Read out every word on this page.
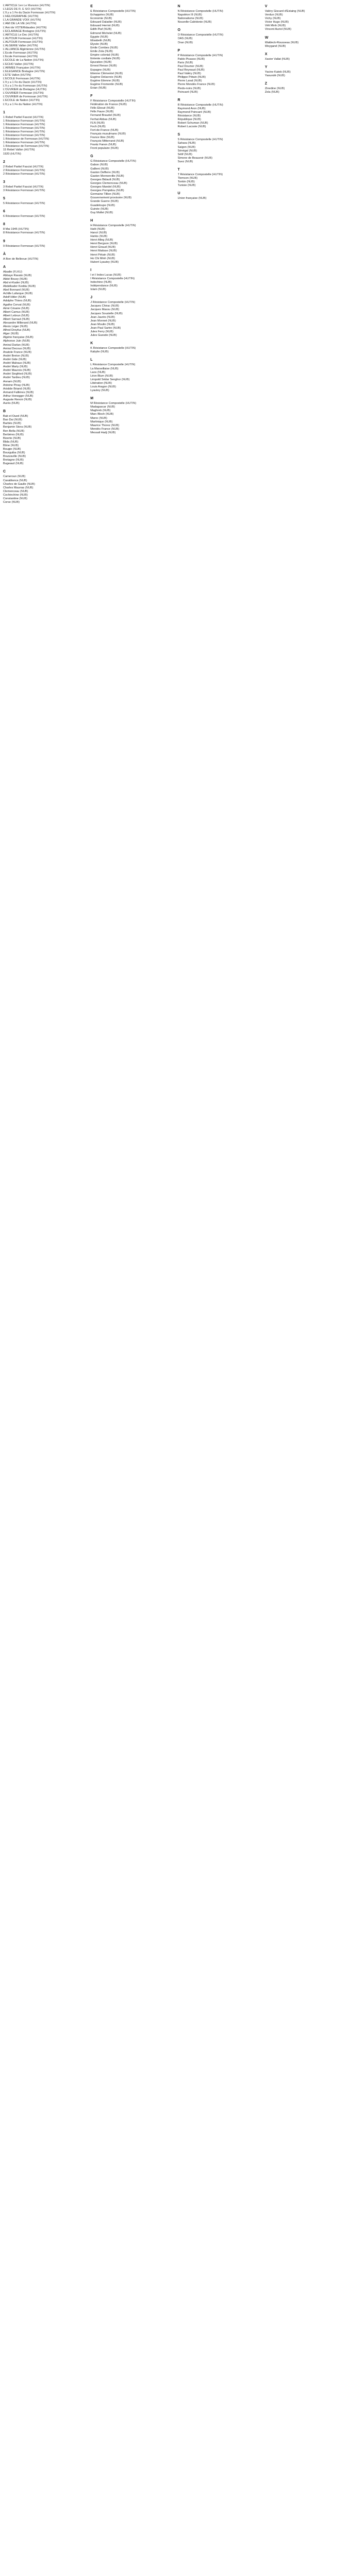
L'ARTICLE 1en Le Mansion (HUTIN)
L'LEGS DE R. E SIO (HUTIN)
L'Il y a 1 Fe du Dacin Formosan (HUTIN)
L'HELIOGRAPHIE (HUTIN)
L'LA GRANDE VOIX (HUTIN)
L'AMI DE LA VIE (HUTIN)
L'Ami de VOTERidaudes (HUTIN)
L'ÉCLAIRAGE Bretagne (HUTIN)
L'ARTICLE Le Dec (HUTIN)
L'AUTOUR Formosan (HUTIN)
L'AUTOUR Formosan (HUTIN)
L'ALGÉRIE Vallon (HUTIN)
L'ALLIANCE Algérienne (HUTIN)
L'Ecole Formosan (HUTIN)
L'Ecole Formosan (HUTIN)
L'ÉCOLE de La Nation (HUTIN)
L'ÉCHO Vallon (HUTIN)
L'ARMÉE Française (HUTIN)
L'ÉLÉGANCE Bretagne (HUTIN)
L'ÉTÉ Vallon (HUTIN)
L'ÉCOLE Formosan (HUTIN)
L'Il y a 1 Fe du Dacin (HUTIN)
L'Il y a 1 Fe du Formosan (HUTIN)
L'OUVRIER de Bretagne (HUTIN)
L'OUVRIER Formosan (HUTIN)
L'OUVRIER de Formosan (HUTIN)
L'ÉCOLE de Nation (HUTIN)
L'Il y a 1 Fe du Nation (HUTIN)
1
1 Rebel Partiel Fascist (HUTIN)
1 Résistance Formosan (HUTIN)
1 Résistance Formosan (HUTIN)
1 Résistance Formosan (HUTIN)
1 Résistance Formosan (HUTIN)
1 Résistance Formosan (HUTIN)
1 Résistance de Formosan (HUTIN)
1 Résistance Formosan (HUTIN)
1 Résistance de Formosan (HUTIN)
15 Rebel Vallon (HUTIN)
1920 (HUTIN)
2
2 Rebel Partiel Fascist (HUTIN)
2 Résistance Formosan (HUTIN)
2 Résistance Formosan (HUTIN)
3
3 Rebel Partiel Fascist (HUTIN)
3 Résistance Formosan (HUTIN)
5
5 Résistance Formosan (HUTIN)
6
6 Résistance Formosan (HUTIN)
8
8 Mai 1945 (HUTIN)
8 Résistance Formosan (HUTIN)
9
9 Résistance Formosan (HUTIN)
À
À Bon de Bellevue (HUTIN)
A
Abadie (FLKU)
Abbaye Ravato (NUB)
Abbé Bouvy (NUB)
Abd el-Kader (NUB)
Abdelkader Kedda (NUB)
Abel Bonnard (NUB)
Achille Lafarque (NUB)
Adolf Hitler (NUB)
Adolphe Thiers (NUB)
Agathe Cervat (NUB)
Aimé Césaire (NUB)
Albert Camus (NUB)
Albert Lebrun (NUB)
Albert Sarraut (NUB)
Alexandre Millerand (NUB)
Alexis Léger (NUB)
Alfred Dreyfus (NUB)
Alger (NUB)
Algérie française (NUB)
Alphonse Juin (NUB)
Amiral Darlan (NUB)
Amiral Decoux (NUB)
Anatole France (NUB)
André Breton (NUB)
André Gide (NUB)
André Malraux (NUB)
André Marty (NUB)
André Maurois (NUB)
André Siegfried (NUB)
André Tardieu (NUB)
Annam (NUB)
Antoine Pinay (NUB)
Aristide Briand (NUB)
Armand Fallières (NUB)
Arthur Honegger (NUB)
Auguste Renoir (NUB)
Aurès (NUB)
B
Bab el-Oued (NUB)
Bao Dai (NUB)
Barbès (NUB)
Benjamin Stora (NUB)
Ben Bella (NUB)
Berbères (NUB)
Bizerte (NUB)
Blida (NUB)
Bône (NUB)
Bougie (NUB)
Bourguiba (NUB)
Brazzaville (NUB)
Bretagne (NUB)
Bugeaud (NUB)
C
Cameroun (NUB)
Casablanca (NUB)
Charles de Gaulle (NUB)
Charles Maurras (NUB)
Clemenceau (NUB)
Cochinchine (NUB)
Constantine (NUB)
Corse (NUB)
E
E Résistance Compostelle (HUTIN)
Échappées (NUB)
Économie (NUB)
Édouard Daladier (NUB)
Édouard Herriot (NUB)
Édith Piaf (NUB)
Edmond Michelet (NUB)
Égypte (NUB)
Élisabeth (NUB)
Élysée (NUB)
Émile Combes (NUB)
Émile Zola (NUB)
Empire colonial (NUB)
Entente cordiale (NUB)
Épuration (NUB)
Ernest Renan (NUB)
Espagne (NUB)
Étienne Clémentel (NUB)
Eugène Delacroix (NUB)
Eugène Étienne (NUB)
Eugène Fromentin (NUB)
Évian (NUB)
F
F Résistance Compostelle (HUTIN)
Fédération de France (NUB)
Félix Éboué (NUB)
Félix Faure (NUB)
Fernand Braudel (NUB)
Ferhat Abbas (NUB)
FLN (NUB)
Foch (NUB)
Fort-de-France (NUB)
Français musulmans (NUB)
France libre (NUB)
François Mitterrand (NUB)
Frantz Fanon (NUB)
Front populaire (NUB)
G
G Résistance Compostelle (HUTIN)
Gabon (NUB)
Gallieni (NUB)
Gaston Defferre (NUB)
Gaston Monnerville (NUB)
Georges Bidault (NUB)
Georges Clemenceau (NUB)
Georges Mandel (NUB)
Georges Pompidou (NUB)
Germaine Tillion (NUB)
Gouvernement provisoire (NUB)
Grande Guerre (NUB)
Guadeloupe (NUB)
Guinée (NUB)
Guy Mollet (NUB)
H
H Résistance Compostelle (HUTIN)
Haïti (NUB)
Hanoï (NUB)
Harkis (NUB)
Henri Alleg (NUB)
Henri Bergson (NUB)
Henri Giraud (NUB)
Henri Matisse (NUB)
Henri Pétain (NUB)
Ho Chi Minh (NUB)
Hubert Lyautey (NUB)
I
I et I Indes Lucas (NUB)
I Résistance Compostelle (HUTIN)
Indochine (NUB)
Indépendance (NUB)
Islam (NUB)
J
J Résistance Compostelle (HUTIN)
Jacques Chirac (NUB)
Jacques Massu (NUB)
Jacques Soustelle (NUB)
Jean Jaurès (NUB)
Jean Monnet (NUB)
Jean Moulin (NUB)
Jean-Paul Sartre (NUB)
Jules Ferry (NUB)
Jules Guesde (NUB)
K
K Résistance Compostelle (HUTIN)
Kabylie (NUB)
L
L Résistance Compostelle (HUTIN)
La Marseillaise (NUB)
Laos (NUB)
Léon Blum (NUB)
Léopold Sédar Senghor (NUB)
Libération (NUB)
Louis Aragon (NUB)
Lyautey (NUB)
M
M Résistance Compostelle (HUTIN)
Madagascar (NUB)
Maghreb (NUB)
Marc Bloch (NUB)
Maroc (NUB)
Martinique (NUB)
Maurice Thorez (NUB)
Mendès France (NUB)
Messali Hadj (NUB)
N
N Résistance Compostelle (HUTIN)
Napoléon III (NUB)
Nationalisme (NUB)
Nouvelle-Calédonie (NUB)
O
O Résistance Compostelle (HUTIN)
OAS (NUB)
Oran (NUB)
P
P Résistance Compostelle (HUTIN)
Pablo Picasso (NUB)
Paris (NUB)
Paul Doumer (NUB)
Paul Reynaud (NUB)
Paul Valéry (NUB)
Philippe Pétain (NUB)
Pierre Laval (NUB)
Pierre Mendès France (NUB)
Pieds-noirs (NUB)
Poincaré (NUB)
R
R Résistance Compostelle (HUTIN)
Raymond Aron (NUB)
Raymond Poincaré (NUB)
Résistance (NUB)
République (NUB)
Robert Schuman (NUB)
Robert Lacoste (NUB)
S
S Résistance Compostelle (HUTIN)
Sahara (NUB)
Saigon (NUB)
Sénégal (NUB)
Sétif (NUB)
Simone de Beauvoir (NUB)
Suez (NUB)
T
T Résistance Compostelle (HUTIN)
Tlemcen (NUB)
Tonkin (NUB)
Tunisie (NUB)
U
Union française (NUB)
V
Valéry Giscard d'Estaing (NUB)
Verdun (NUB)
Vichy (NUB)
Victor Hugo (NUB)
Viêt Minh (NUB)
Vincent Auriol (NUB)
W
Waldeck-Rousseau (NUB)
Weygand (NUB)
X
Xavier Vallat (NUB)
Y
Yacine Kateb (NUB)
Yaoundé (NUB)
Z
Zinedine (NUB)
Zola (NUB)
